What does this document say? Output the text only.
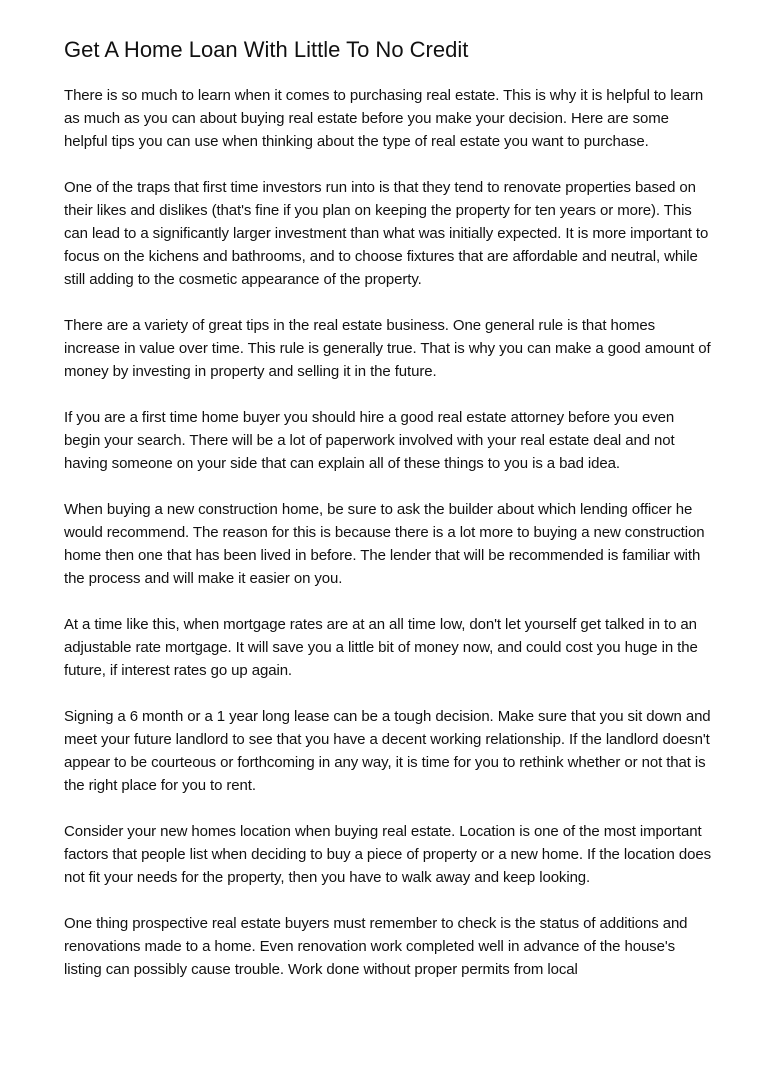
Get A Home Loan With Little To No Credit

There is so much to learn when it comes to purchasing real estate. This is why it is helpful to learn as much as you can about buying real estate before you make your decision. Here are some helpful tips you can use when thinking about the type of real estate you want to purchase.

One of the traps that first time investors run into is that they tend to renovate properties based on their likes and dislikes (that's fine if you plan on keeping the property for ten years or more). This can lead to a significantly larger investment than what was initially expected. It is more important to focus on the kichens and bathrooms, and to choose fixtures that are affordable and neutral, while still adding to the cosmetic appearance of the property.

There are a variety of great tips in the real estate business. One general rule is that homes increase in value over time. This rule is generally true. That is why you can make a good amount of money by investing in property and selling it in the future.

If you are a first time home buyer you should hire a good real estate attorney before you even begin your search. There will be a lot of paperwork involved with your real estate deal and not having someone on your side that can explain all of these things to you is a bad idea.

When buying a new construction home, be sure to ask the builder about which lending officer he would recommend. The reason for this is because there is a lot more to buying a new construction home then one that has been lived in before. The lender that will be recommended is familiar with the process and will make it easier on you.

At a time like this, when mortgage rates are at an all time low, don't let yourself get talked in to an adjustable rate mortgage. It will save you a little bit of money now, and could cost you huge in the future, if interest rates go up again.

Signing a 6 month or a 1 year long lease can be a tough decision. Make sure that you sit down and meet your future landlord to see that you have a decent working relationship. If the landlord doesn't appear to be courteous or forthcoming in any way, it is time for you to rethink whether or not that is the right place for you to rent.

Consider your new homes location when buying real estate. Location is one of the most important factors that people list when deciding to buy a piece of property or a new home. If the location does not fit your needs for the property, then you have to walk away and keep looking.

One thing prospective real estate buyers must remember to check is the status of additions and renovations made to a home. Even renovation work completed well in advance of the house's listing can possibly cause trouble. Work done without proper permits from local
